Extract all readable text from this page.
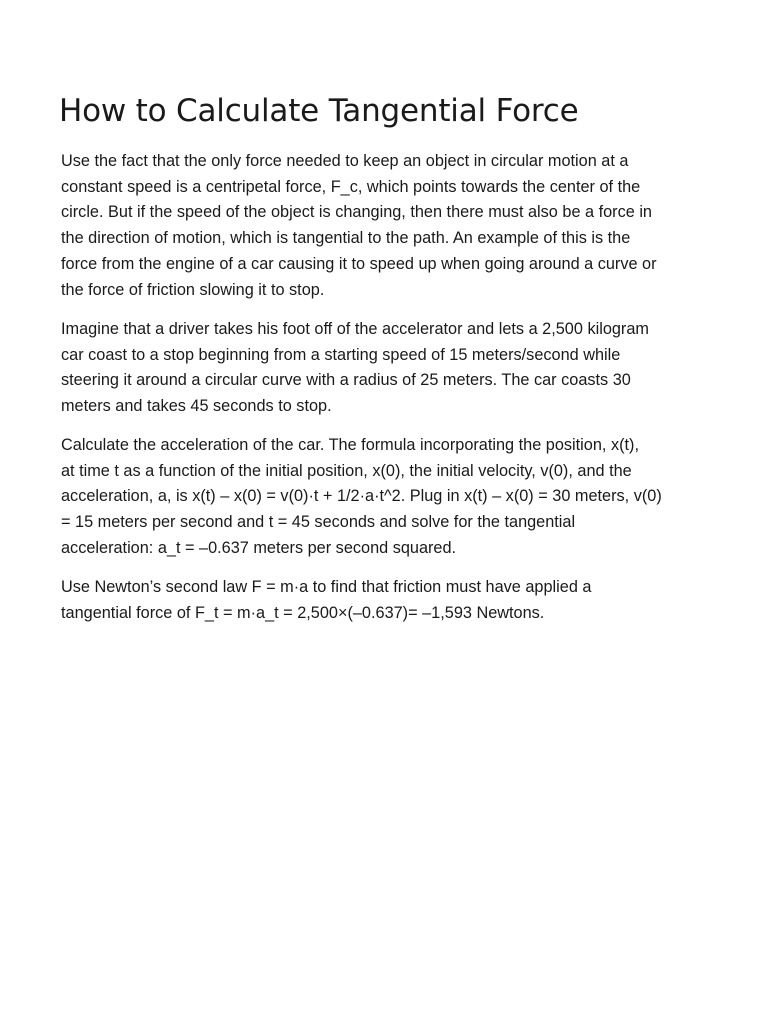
How to Calculate Tangential Force

Use the fact that the only force needed to keep an object in circular motion at a
constant speed is a centripetal force, F_c, which points towards the center of the
circle. But if the speed of the object is changing, then there must also be a force in
the direction of motion, which is tangential to the path. An example of this is the
force from the engine of a car causing it to speed up when going around a curve or
the force of friction slowing it to stop.

Imagine that a driver takes his foot off of the accelerator and lets a 2,500 kilogram
car coast to a stop beginning from a starting speed of 15 meters/second while
steering it around a circular curve with a radius of 25 meters. The car coasts 30
meters and takes 45 seconds to stop.

Calculate the acceleration of the car. The formula incorporating the position, x(t),
at time t as a function of the initial position, x(0), the initial velocity, v(0), and the
acceleration, a, is x(t) – x(0) = v(0)·t + 1/2·a·t^2. Plug in x(t) – x(0) = 30 meters, v(0)
= 15 meters per second and t = 45 seconds and solve for the tangential
acceleration: a_t = –0.637 meters per second squared.

Use Newton’s second law F = m·a to find that friction must have applied a
tangential force of F_t = m·a_t = 2,500×(–0.637)= –1,593 Newtons.
